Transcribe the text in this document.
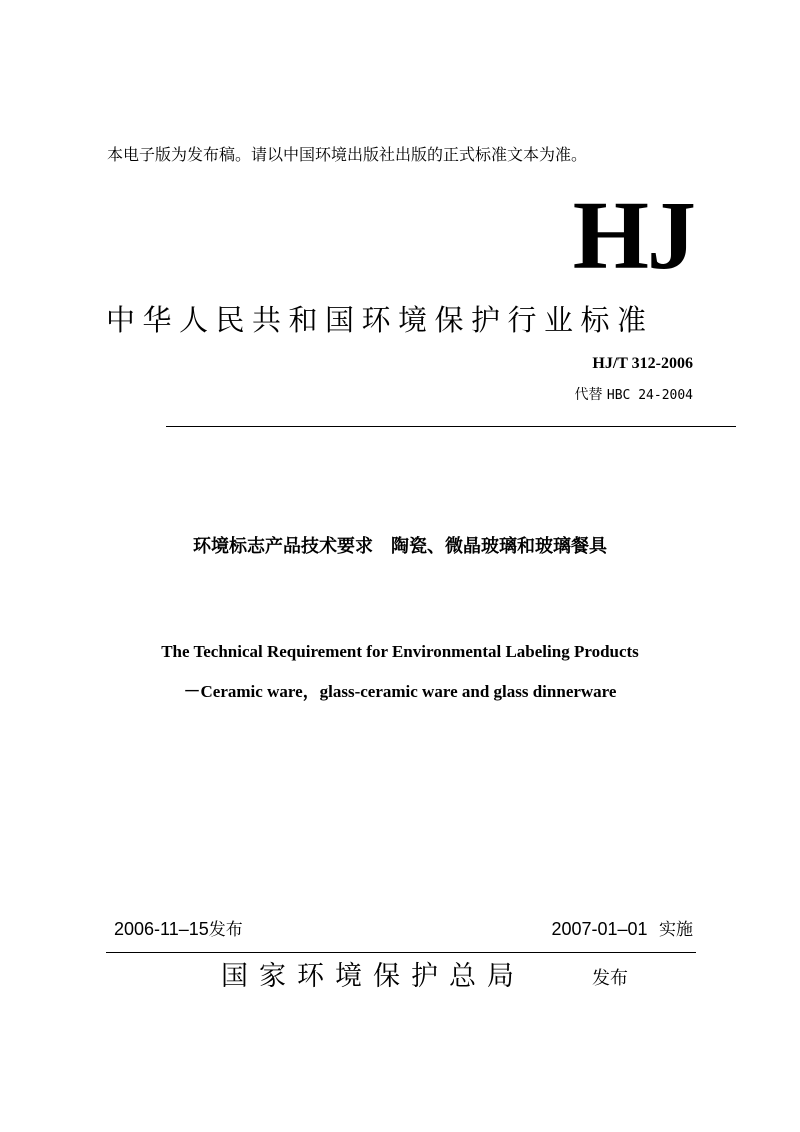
本电子版为发布稿。请以中国环境出版社出版的正式标准文本为准。
HJ
中华人民共和国环境保护行业标准
HJ/T 312-2006
代替 HBC 24-2004
环境标志产品技术要求　陶瓷、微晶玻璃和玻璃餐具
The Technical Requirement for Environmental Labeling Products
－Ceramic ware，glass-ceramic ware and glass dinnerware
2006-11–15发布	2007-01–01 实施
国家环境保护总局	发布
